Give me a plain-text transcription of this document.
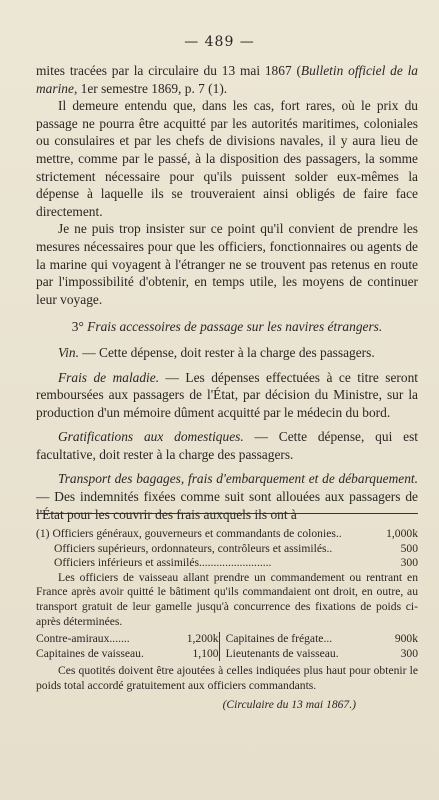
— 489 —

mites tracées par la circulaire du 13 mai 1867 (Bulletin officiel de la marine, 1er semestre 1869, p. 7 (1).

Il demeure entendu que, dans les cas, fort rares, où le prix du passage ne pourra être acquitté par les autorités maritimes, coloniales ou consulaires et par les chefs de divisions navales, il y aura lieu de mettre, comme par le passé, à la disposition des passagers, la somme strictement nécessaire pour qu'ils puissent solder eux-mêmes la dépense à laquelle ils se trouveraient ainsi obligés de faire face directement.

Je ne puis trop insister sur ce point qu'il convient de prendre les mesures nécessaires pour que les officiers, fonctionnaires ou agents de la marine qui voyagent à l'étranger ne se trouvent pas retenus en route par l'impossibilité d'obtenir, en temps utile, les moyens de continuer leur voyage.

3° Frais accessoires de passage sur les navires étrangers.

Vin. — Cette dépense, doit rester à la charge des passagers.

Frais de maladie. — Les dépenses effectuées à ce titre seront remboursées aux passagers de l'État, par décision du Ministre, sur la production d'un mémoire dûment acquitté par le médecin du bord.

Gratifications aux domestiques. — Cette dépense, qui est facultative, doit rester à la charge des passagers.

Transport des bagages, frais d'embarquement et de débarquement. — Des indemnités fixées comme suit sont allouées aux passagers de l'État pour les couvrir des frais auxquels ils ont à

(1) Officiers généraux, gouverneurs et commandants de colonies..	1,000k
Officiers supérieurs, ordonnateurs, contrôleurs et assimilés..	500
Officiers inférieurs et assimilés.........................	300

Les officiers de vaisseau allant prendre un commandement ou rentrant en France après avoir quitté le bâtiment qu'ils commandaient ont droit, en outre, au transport gratuit de leur gamelle jusqu'à concurrence des fixations de poids ci-après déterminées.

Contre-amiraux.......	1,200k
Capitaines de vaisseau.	1,100
Capitaines de frégate...	900k
Lieutenants de vaisseau.	300

Ces quotités doivent être ajoutées à celles indiquées plus haut pour obtenir le poids total accordé gratuitement aux officiers commandants.

(Circulaire du 13 mai 1867.)
